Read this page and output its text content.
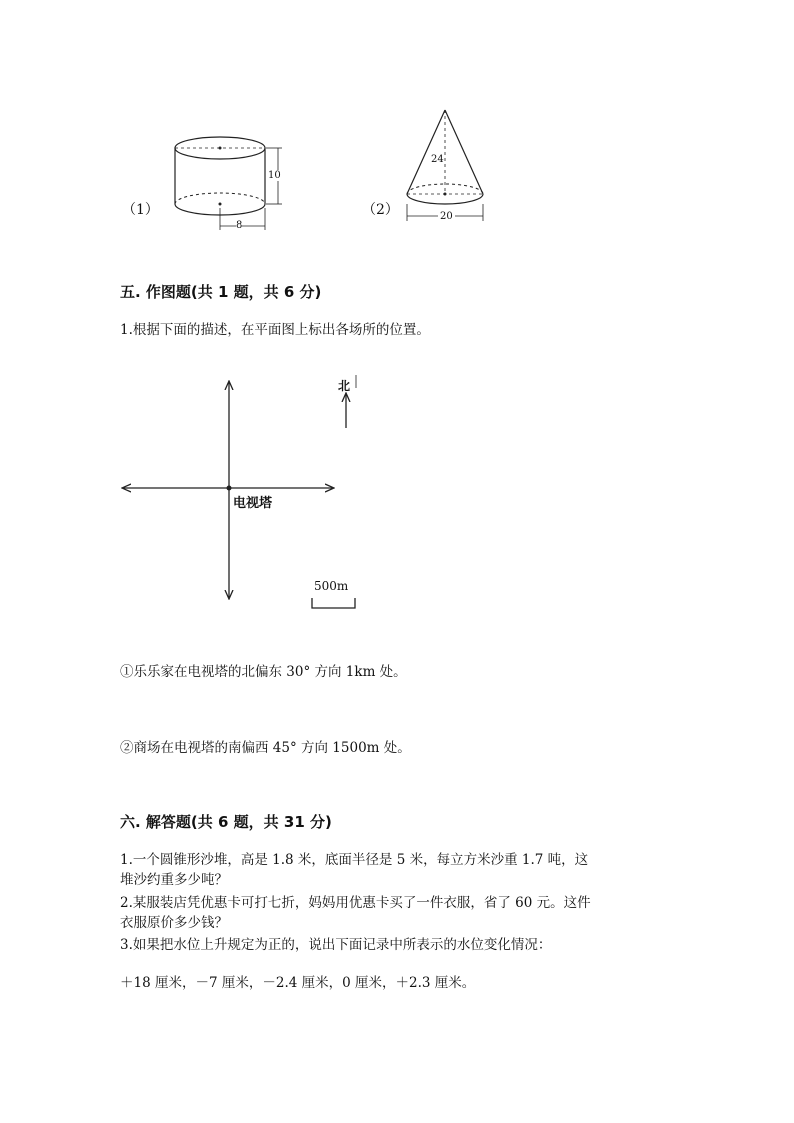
（1）
10
8
（2）
24
20
五. 作图题(共 1 题，共 6 分)
1.根据下面的描述，在平面图上标出各场所的位置。
北
电视塔
500m
①乐乐家在电视塔的北偏东 30° 方向 1km 处。
②商场在电视塔的南偏西 45° 方向 1500m 处。
六. 解答题(共 6 题，共 31 分)
1.一个圆锥形沙堆，高是 1.8 米，底面半径是 5 米，每立方米沙重 1.7 吨，这
堆沙约重多少吨？
2.某服装店凭优惠卡可打七折，妈妈用优惠卡买了一件衣服，省了 60 元。这件
衣服原价多少钱？
3.如果把水位上升规定为正的，说出下面记录中所表示的水位变化情况：
＋18 厘米，－7 厘米，－2.4 厘米，0 厘米，＋2.3 厘米。
